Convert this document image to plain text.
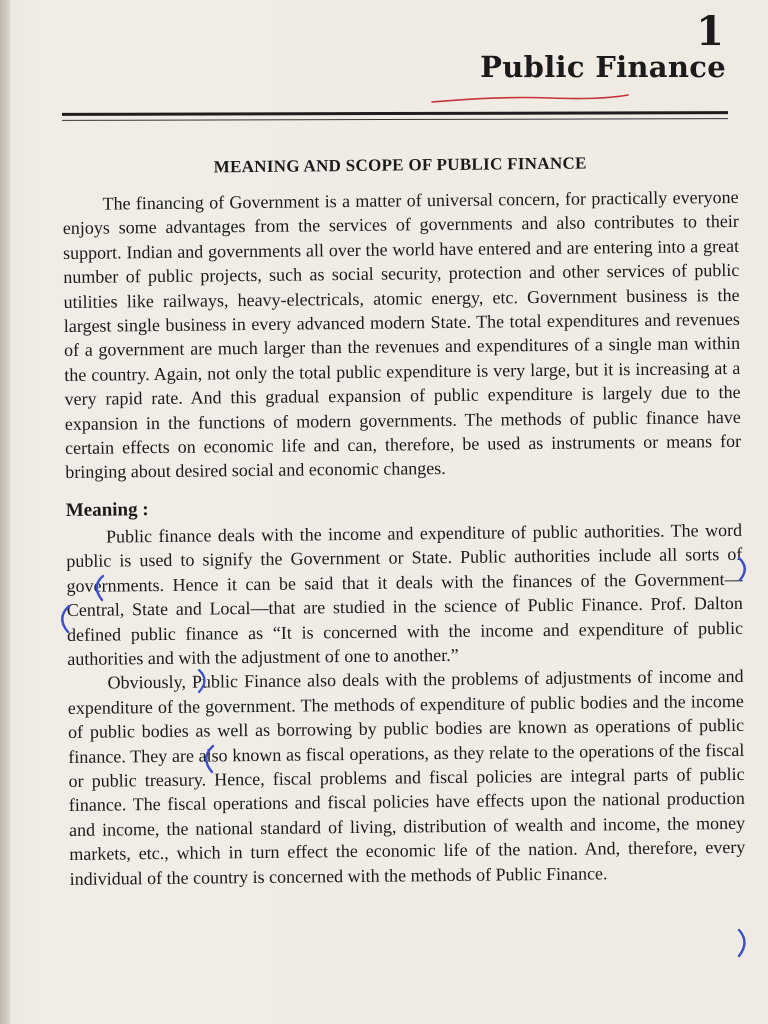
1
Public Finance
MEANING AND SCOPE OF PUBLIC FINANCE

The financing of Government is a matter of universal concern, for practically everyone enjoys some advantages from the services of governments and also contributes to their support. Indian and governments all over the world have entered and are entering into a great number of public projects, such as social security, protection and other services of public utilities like railways, heavy-electricals, atomic energy, etc. Government business is the largest single business in every advanced modern State. The total expenditures and revenues of a government are much larger than the revenues and expenditures of a single man within the country. Again, not only the total public expenditure is very large, but it is increasing at a very rapid rate. And this gradual expansion of public expenditure is largely due to the expansion in the functions of modern governments. The methods of public finance have certain effects on economic life and can, therefore, be used as instruments or means for bringing about desired social and economic changes.

Meaning :

Public finance deals with the income and expenditure of public authorities. The word public is used to signify the Government or State. Public authorities include all sorts of governments. Hence it can be said that it deals with the finances of the Government—Central, State and Local—that are studied in the science of Public Finance. Prof. Dalton defined public finance as “It is concerned with the income and expenditure of public authorities and with the adjustment of one to another.”

Obviously, Public Finance also deals with the problems of adjustments of income and expenditure of the government. The methods of expenditure of public bodies and the income of public bodies as well as borrowing by public bodies are known as operations of public finance. They are also known as fiscal operations, as they relate to the operations of the fiscal or public treasury. Hence, fiscal problems and fiscal policies are integral parts of public finance. The fiscal operations and fiscal policies have effects upon the national production and income, the national standard of living, distribution of wealth and income, the money markets, etc., which in turn effect the economic life of the nation. And, therefore, every individual of the country is concerned with the methods of Public Finance.
